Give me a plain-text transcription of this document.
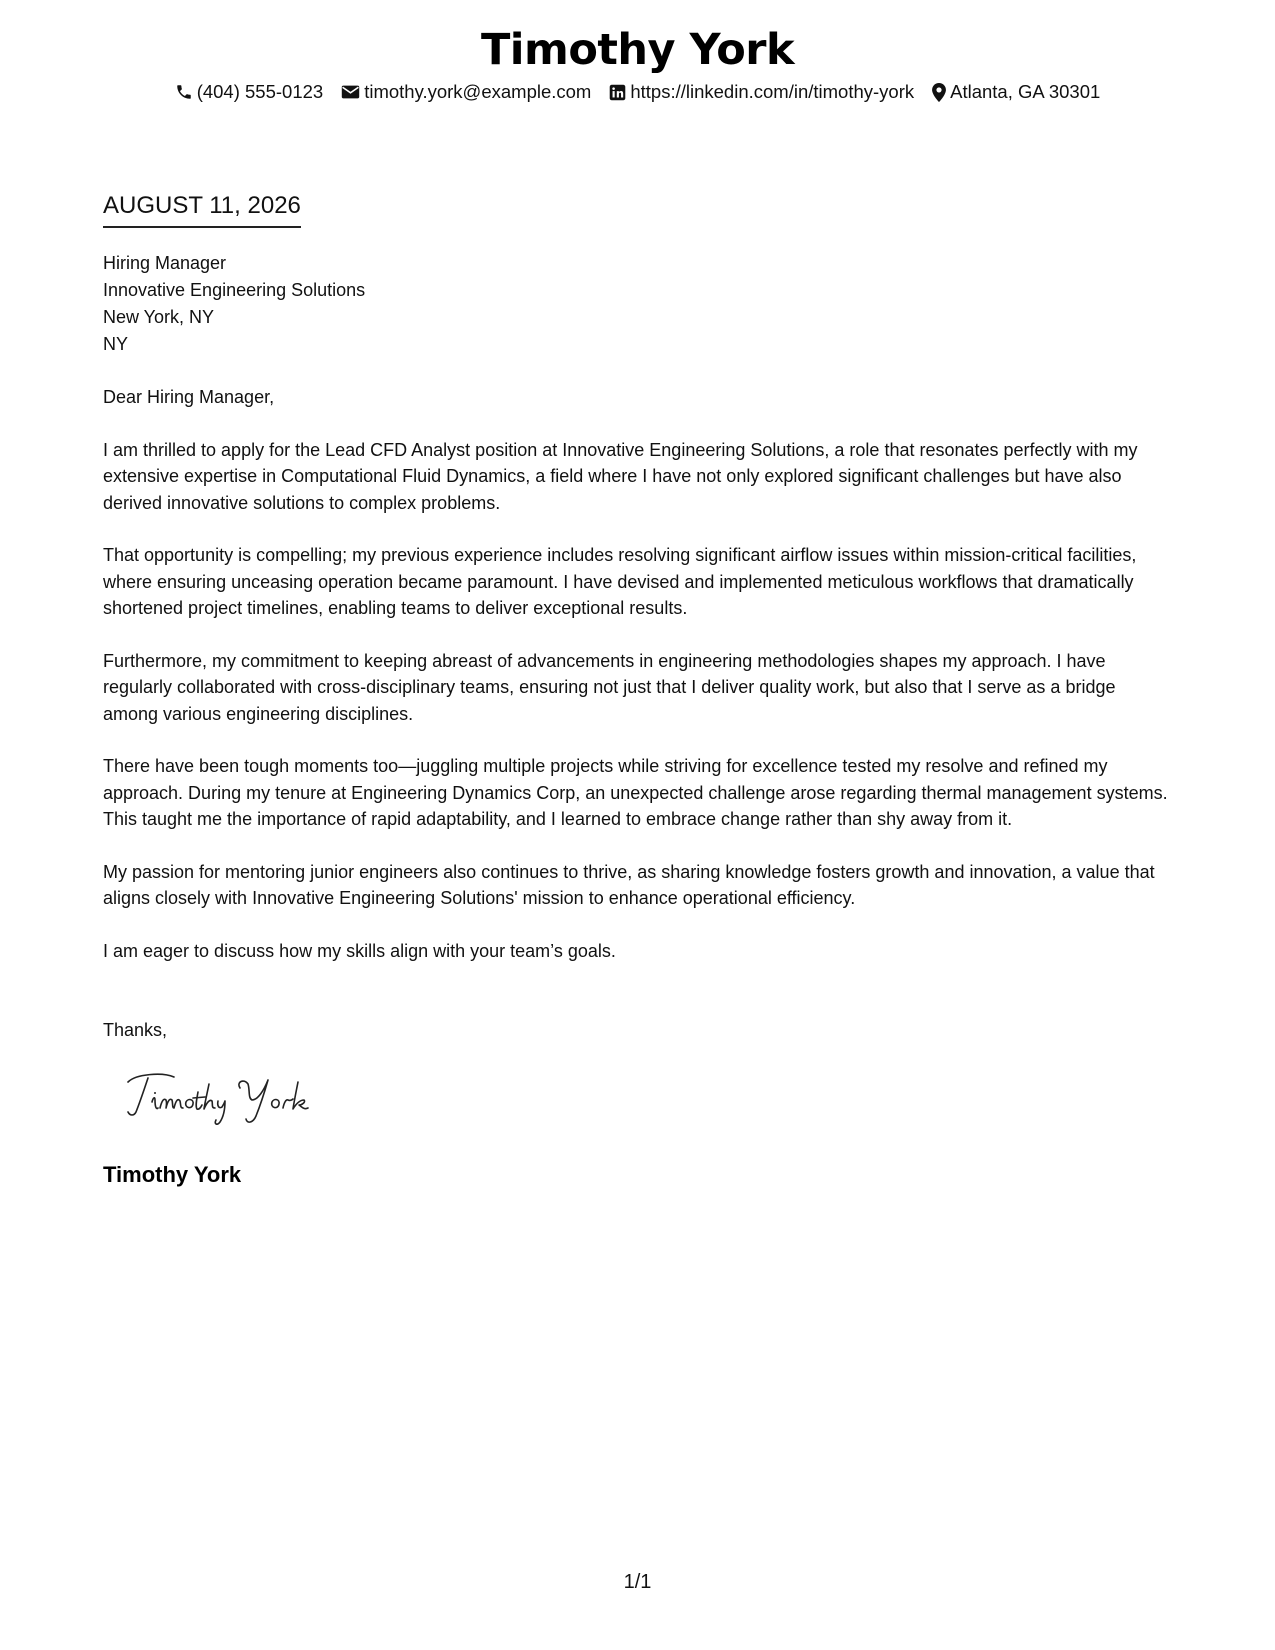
Timothy York
(404) 555-0123 timothy.york@example.com https://linkedin.com/in/timothy-york Atlanta, GA 30301
AUGUST 11, 2026
Hiring Manager
Innovative Engineering Solutions
New York, NY
NY

Dear Hiring Manager,

I am thrilled to apply for the Lead CFD Analyst position at Innovative Engineering Solutions, a role that resonates perfectly with my extensive expertise in Computational Fluid Dynamics, a field where I have not only explored significant challenges but have also derived innovative solutions to complex problems.

That opportunity is compelling; my previous experience includes resolving significant airflow issues within mission-critical facilities, where ensuring unceasing operation became paramount. I have devised and implemented meticulous workflows that dramatically shortened project timelines, enabling teams to deliver exceptional results.

Furthermore, my commitment to keeping abreast of advancements in engineering methodologies shapes my approach. I have regularly collaborated with cross-disciplinary teams, ensuring not just that I deliver quality work, but also that I serve as a bridge among various engineering disciplines.

There have been tough moments too—juggling multiple projects while striving for excellence tested my resolve and refined my approach. During my tenure at Engineering Dynamics Corp, an unexpected challenge arose regarding thermal management systems. This taught me the importance of rapid adaptability, and I learned to embrace change rather than shy away from it.

My passion for mentoring junior engineers also continues to thrive, as sharing knowledge fosters growth and innovation, a value that aligns closely with Innovative Engineering Solutions' mission to enhance operational efficiency.

I am eager to discuss how my skills align with your team’s goals.

Thanks,
Timothy York
1/1
